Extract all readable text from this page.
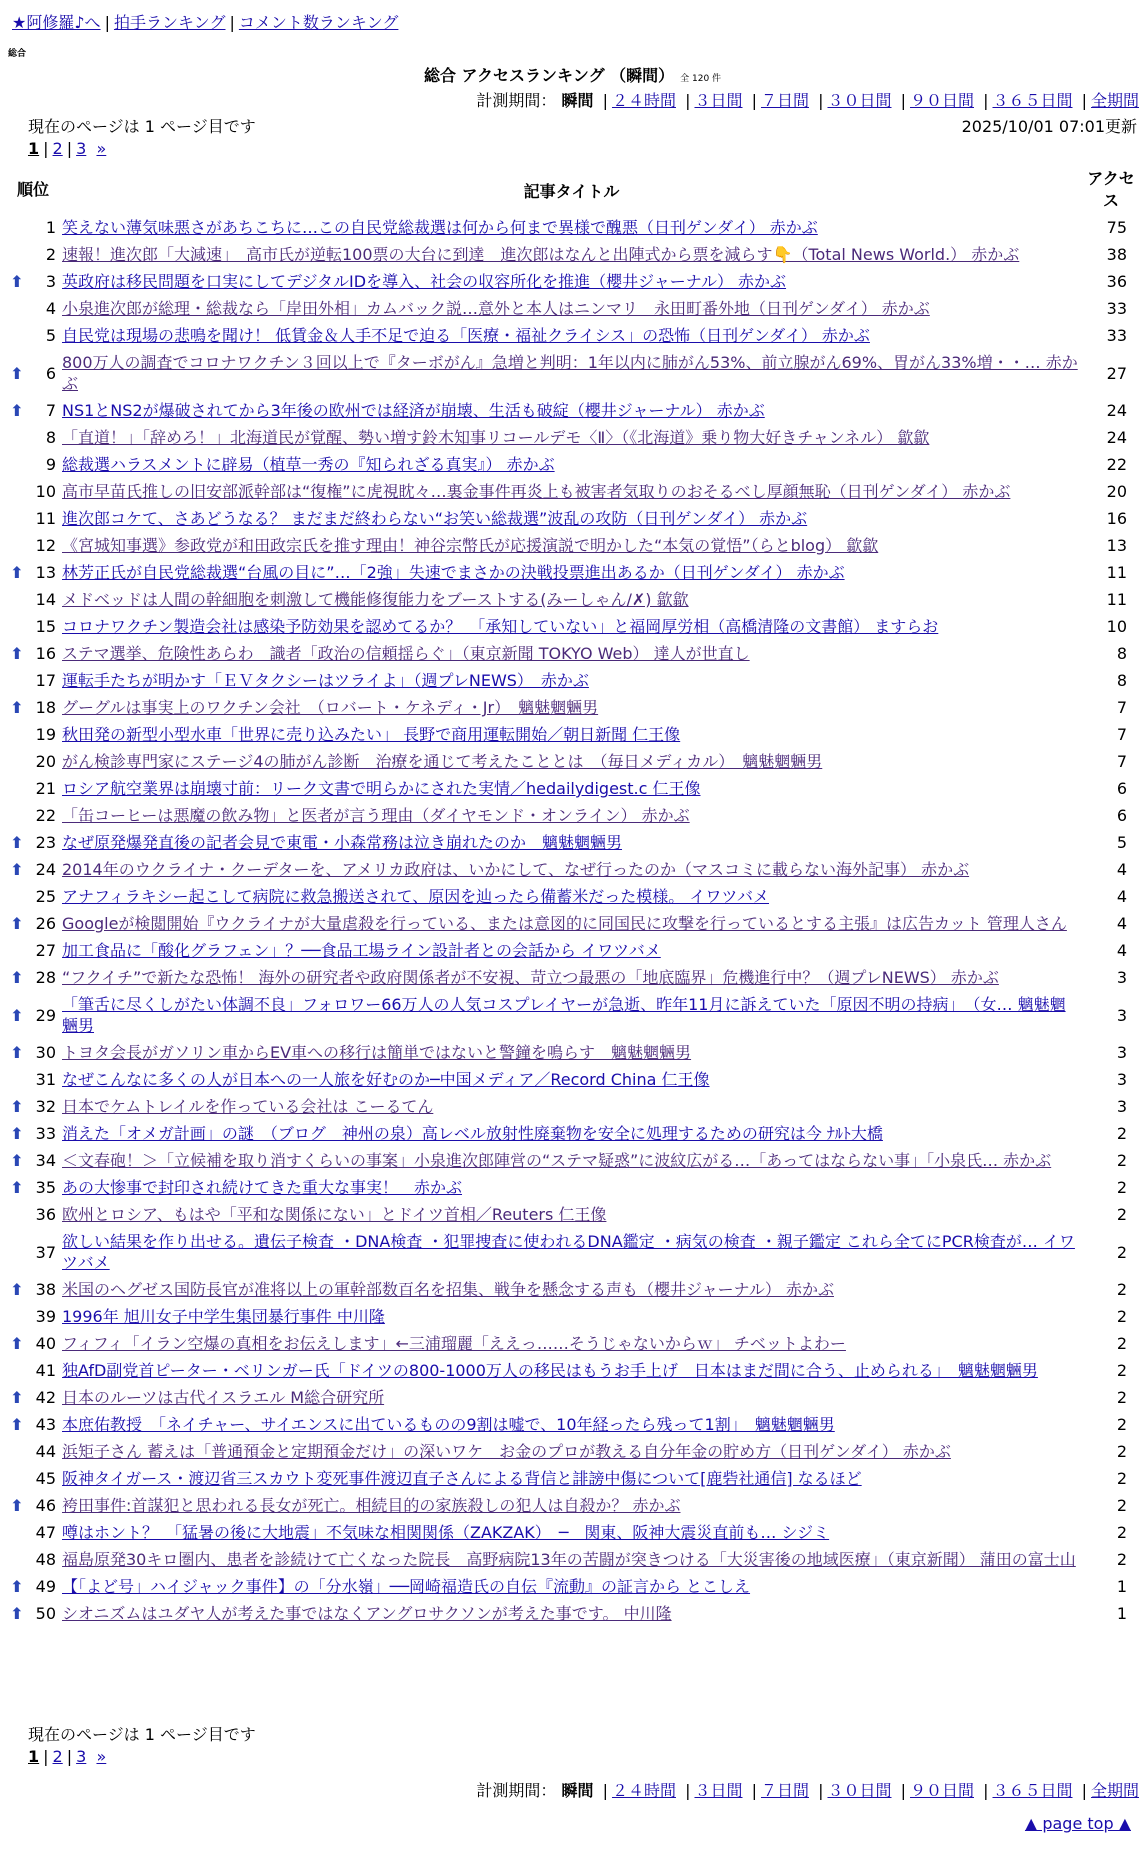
★阿修羅♪へ | 拍手ランキング | コメント数ランキング
総合
総合 アクセスランキング （瞬間） 全 120 件
計測期間： 瞬間 | ２４時間 | ３日間 | ７日間 | ３０日間 | ９０日間 | ３６５日間 | 全期間
現在のページは 1 ページ目です	2025/10/01 07:01更新
1 | 2 | 3 »
順位		記事タイトル	アクセス
	1	笑えない薄気味悪さがあちこちに…この自民党総裁選は何から何まで異様で醜悪（日刊ゲンダイ） 赤かぶ	75
	2	速報！進次郎「大減速」　高市氏が逆転100票の大台に到達　進次郎はなんと出陣式から票を減らす👇（Total News World.） 赤かぶ	38
⬆	3	英政府は移民問題を口実にしてデジタルIDを導入、社会の収容所化を推進（櫻井ジャーナル） 赤かぶ	36
	4	小泉進次郎が総理・総裁なら「岸田外相」カムバック説…意外と本人はニンマリ　永田町番外地（日刊ゲンダイ） 赤かぶ	33
	5	自民党は現場の悲鳴を聞け！ 低賃金＆人手不足で迫る「医療・福祉クライシス」の恐怖（日刊ゲンダイ） 赤かぶ	33
⬆	6	800万人の調査でコロナワクチン３回以上で『ターボがん』急増と判明：1年以内に肺がん53%、前立腺がん69%、胃がん33%増・・… 赤かぶ	27
⬆	7	NS1とNS2が爆破されてから3年後の欧州では経済が崩壊、生活も破綻（櫻井ジャーナル） 赤かぶ	24
	8	「直道！」「辞めろ！」北海道民が覚醒、勢い増す鈴木知事リコールデモ〈Ⅱ〉（《北海道》乗り物大好きチャンネル） 歙歙	24
	9	総裁選ハラスメントに辟易（植草一秀の『知られざる真実』） 赤かぶ	22
	10	高市早苗氏推しの旧安部派幹部は“復権”に虎視眈々…裏金事件再炎上も被害者気取りのおそるべし厚顔無恥（日刊ゲンダイ） 赤かぶ	20
	11	進次郎コケて、さあどうなる？ まだまだ終わらない“お笑い総裁選”波乱の攻防（日刊ゲンダイ） 赤かぶ	16
	12	《宮城知事選》参政党が和田政宗氏を推す理由！神谷宗幣氏が応援演説で明かした“本気の覚悟”（らとblog） 歙歙	13
⬆	13	林芳正氏が自民党総裁選“台風の目に”…「2強」失速でまさかの決戦投票進出あるか（日刊ゲンダイ） 赤かぶ	11
	14	メドベッドは人間の幹細胞を刺激して機能修復能力をブーストする(みーしゃん/✗) 歙歙	11
	15	コロナワクチン製造会社は感染予防効果を認めてるか？　「承知していない」と福岡厚労相（高橋清隆の文書館） ますらお	10
⬆	16	ステマ選挙、危険性あらわ　識者「政治の信頼揺らぐ」（東京新聞 TOKYO Web） 達人が世直し	8
	17	運転手たちが明かす「ＥＶタクシーはツライよ」（週プレNEWS）　赤かぶ	8
⬆	18	グーグルは事実上のワクチン会社　（ロバート・ケネディ・Jr）　魑魅魍魎男	7
	19	秋田発の新型小型水車「世界に売り込みたい」 長野で商用運転開始／朝日新聞 仁王像	7
	20	がん検診専門家にステージ4の肺がん診断　治療を通じて考えたこととは　（毎日メディカル）　魑魅魍魎男	7
	21	ロシア航空業界は崩壊寸前：リーク文書で明らかにされた実情／hedailydigest.c 仁王像	6
	22	「缶コーヒーは悪魔の飲み物」と医者が言う理由（ダイヤモンド・オンライン） 赤かぶ	6
⬆	23	なぜ原発爆発直後の記者会見で東電・小森常務は泣き崩れたのか　魑魅魍魎男	5
⬆	24	2014年のウクライナ・クーデターを、アメリカ政府は、いかにして、なぜ行ったのか（マスコミに載らない海外記事） 赤かぶ	4
	25	アナフィラキシー起こして病院に救急搬送されて、原因を辿ったら備蓄米だった模様。 イワツバメ	4
⬆	26	Googleが検閲開始『ウクライナが大量虐殺を行っている、または意図的に同国民に攻撃を行っているとする主張』は広告カット 管理人さん	4
	27	加工食品に「酸化グラフェン」？──食品工場ライン設計者との会話から イワツバメ	4
⬆	28	“フクイチ”で新たな恐怖！ 海外の研究者や政府関係者が不安視、苛立つ最悪の「地底臨界」危機進行中？（週プレNEWS） 赤かぶ	3
⬆	29	「筆舌に尽くしがたい体調不良」フォロワー66万人の人気コスプレイヤーが急逝、昨年11月に訴えていた「原因不明の持病」　（女… 魑魅魍魎男	3
⬆	30	トヨタ会長がガソリン車からEV車への移行は簡単ではないと警鐘を鳴らす　魑魅魍魎男	3
	31	なぜこんなに多くの人が日本への一人旅を好むのか─中国メディア／Record China 仁王像	3
⬆	32	日本でケムトレイルを作っている会社は こーるてん	3
⬆	33	消えた「オメガ計画」の謎　（ブログ　神州の泉）高レベル放射性廃棄物を安全に処理するための研究は今 ﾅﾙﾄ大橋	2
⬆	34	＜文春砲！＞「立候補を取り消すくらいの事案」小泉進次郎陣営の“ステマ疑惑”に波紋広がる…「あってはならない事」「小泉氏… 赤かぶ	2
⬆	35	あの大惨事で封印され続けてきた重大な事実！　赤かぶ	2
	36	欧州とロシア、もはや「平和な関係にない」とドイツ首相／Reuters 仁王像	2
	37	欲しい結果を作り出せる。遺伝子検査 ・DNA検査 ・犯罪捜査に使われるDNA鑑定 ・病気の検査 ・親子鑑定 これら全てにPCR検査が… イワツバメ	2
⬆	38	米国のヘグゼス国防長官が准将以上の軍幹部数百名を招集、戦争を懸念する声も（櫻井ジャーナル） 赤かぶ	2
	39	1996年 旭川女子中学生集団暴行事件 中川隆	2
⬆	40	フィフィ「イラン空爆の真相をお伝えします」←三浦瑠麗「ええっ……そうじゃないからｗ」 チベットよわー	2
	41	独AfD副党首ピーター・ベリンガー氏「ドイツの800-1000万人の移民はもうお手上げ　日本はまだ間に合う、止められる」　魑魅魍魎男	2
⬆	42	日本のルーツは古代イスラエル M総合研究所	2
⬆	43	本庶佑教授　「ネイチャー、サイエンスに出ているものの9割は嘘で、10年経ったら残って1割」　魑魅魍魎男	2
	44	浜矩子さん 蓄えは「普通預金と定期預金だけ」の深いワケ　お金のプロが教える自分年金の貯め方（日刊ゲンダイ） 赤かぶ	2
	45	阪神タイガース・渡辺省三スカウト変死事件渡辺直子さんによる背信と誹謗中傷について[鹿砦社通信] なるほど	2
⬆	46	袴田事件:首謀犯と思われる長女が死亡。相続目的の家族殺しの犯人は自殺か？ 赤かぶ	2
	47	噂はホント？　「猛暑の後に大地震」不気味な相関関係（ZAKZAK）　─　関東、阪神大震災直前も… シジミ	2
	48	福島原発30キロ圏内、患者を診続けて亡くなった院長　高野病院13年の苦闘が突きつける「大災害後の地域医療」（東京新聞） 蒲田の富士山	2
⬆	49	【「よど号」ハイジャック事件】の「分水嶺」──岡崎福造氏の自伝『流動』の証言から とこしえ	1
⬆	50	シオニズムはユダヤ人が考えた事ではなくアングロサクソンが考えた事です。 中川隆	1
現在のページは 1 ページ目です
1 | 2 | 3 »
計測期間： 瞬間 | ２４時間 | ３日間 | ７日間 | ３０日間 | ９０日間 | ３６５日間 | 全期間
▲ page top ▲
